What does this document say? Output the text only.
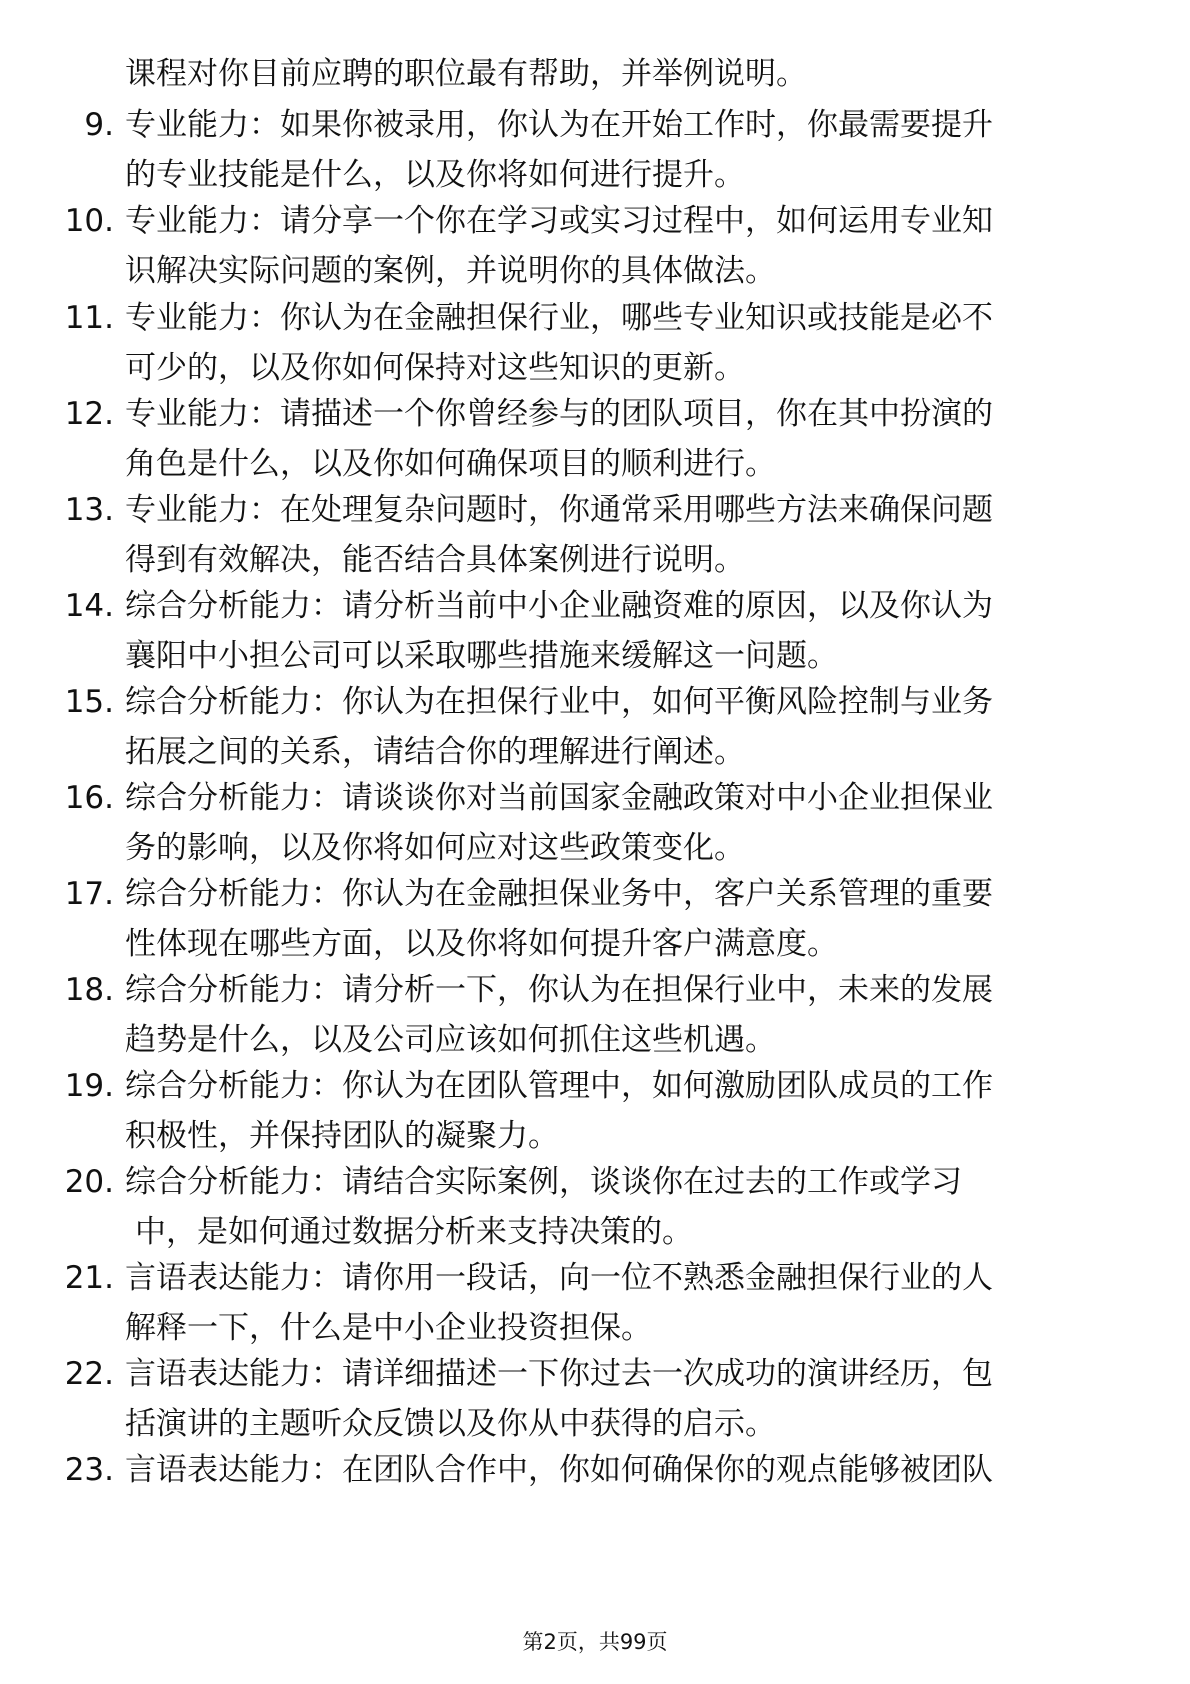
课程对你目前应聘的职位最有帮助，并举例说明。
9. 专业能力：如果你被录用，你认为在开始工作时，你最需要提升
的专业技能是什么，以及你将如何进行提升。
10. 专业能力：请分享一个你在学习或实习过程中，如何运用专业知
识解决实际问题的案例，并说明你的具体做法。
11. 专业能力：你认为在金融担保行业，哪些专业知识或技能是必不
可少的，以及你如何保持对这些知识的更新。
12. 专业能力：请描述一个你曾经参与的团队项目，你在其中扮演的
角色是什么，以及你如何确保项目的顺利进行。
13. 专业能力：在处理复杂问题时，你通常采用哪些方法来确保问题
得到有效解决，能否结合具体案例进行说明。
14. 综合分析能力：请分析当前中小企业融资难的原因，以及你认为
襄阳中小担公司可以采取哪些措施来缓解这一问题。
15. 综合分析能力：你认为在担保行业中，如何平衡风险控制与业务
拓展之间的关系，请结合你的理解进行阐述。
16. 综合分析能力：请谈谈你对当前国家金融政策对中小企业担保业
务的影响，以及你将如何应对这些政策变化。
17. 综合分析能力：你认为在金融担保业务中，客户关系管理的重要
性体现在哪些方面，以及你将如何提升客户满意度。
18. 综合分析能力：请分析一下，你认为在担保行业中，未来的发展
趋势是什么，以及公司应该如何抓住这些机遇。
19. 综合分析能力：你认为在团队管理中，如何激励团队成员的工作
积极性，并保持团队的凝聚力。
20. 综合分析能力：请结合实际案例，谈谈你在过去的工作或学习
中，是如何通过数据分析来支持决策的。
21. 言语表达能力：请你用一段话，向一位不熟悉金融担保行业的人
解释一下，什么是中小企业投资担保。
22. 言语表达能力：请详细描述一下你过去一次成功的演讲经历，包
括演讲的主题听众反馈以及你从中获得的启示。
23. 言语表达能力：在团队合作中，你如何确保你的观点能够被团队
第2页，共99页
